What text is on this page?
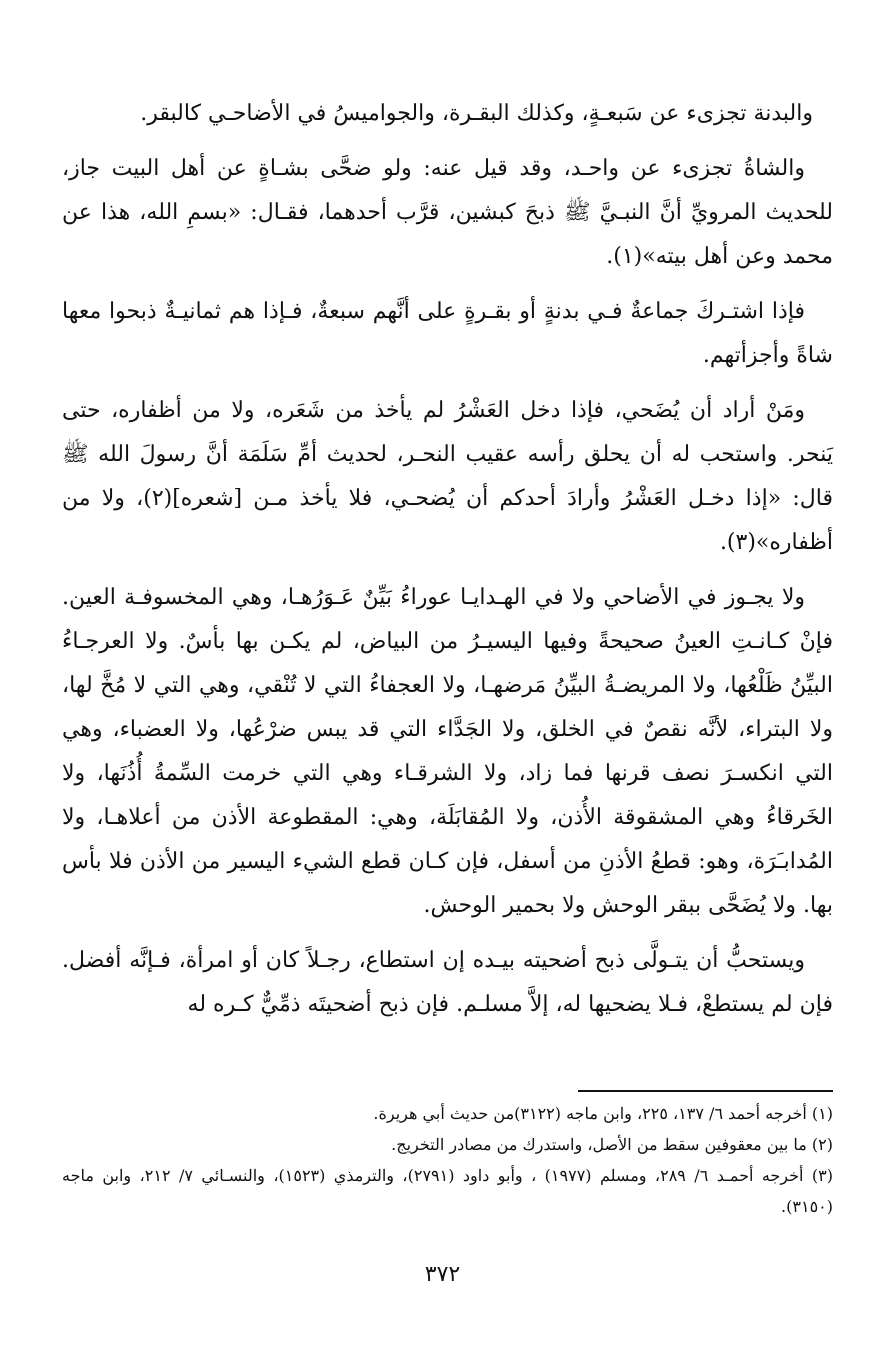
والبدنة تجزىء عن سَبعـةٍ، وكذلك البقـرة، والجواميسُ في الأضاحـي كالبقر.

والشاةُ تجزىء عن واحـد، وقد قيل عنه: ولو ضحَّى بشـاةٍ عن أهل البيت جاز، للحديث المرويِّ أنَّ النبـيَّ ﷺ ذبحَ كبشين، قرَّب أحدهما، فقـال: «بسمِ الله، هذا عن محمد وعن أهل بيته»(١).

فإذا اشتـركَ جماعةٌ فـي بدنةٍ أو بقـرةٍ على أنَّهم سبعةٌ، فـإذا هم ثمانيـةٌ ذبحوا معها شاةً وأجزأتهم.

ومَنْ أراد أن يُضَحي، فإذا دخل العَشْرُ لم يأخذ من شَعَره، ولا من أظفاره، حتى يَنحر. واستحب له أن يحلق رأسه عقيب النحـر، لحديث أمِّ سَلَمَة أنَّ رسولَ الله ﷺ قال: «إذا دخـل العَشْرُ وأرادَ أحدكم أن يُضحـي، فلا يأخذ مـن [شعره](٢)، ولا من أظفاره»(٣).

ولا يجـوز في الأضاحي ولا في الهـدايـا عوراءُ بَيِّنٌ عَـوَرُهـا، وهي المخسوفـة العين. فإنْ كـانـتِ العينُ صحيحةً وفيها اليسيـرُ من البياض، لم يكـن بها بأسٌ. ولا العرجـاءُ البيِّنُ ظَلْعُها، ولا المريضـةُ البيِّنُ مَرضهـا، ولا العجفاءُ التي لا تُنْقي، وهي التي لا مُخَّ لها، ولا البتراء، لأنَّه نقصٌ في الخلق، ولا الجَدَّاء التي قد يبس ضرْعُها، ولا العضباء، وهي التي انكسـرَ نصف قرنها فما زاد، ولا الشرقـاء وهي التي خرمت السِّمةُ أُذُنَها، ولا الخَرقاءُ وهي المشقوقة الأُذن، ولا المُقابَلَة، وهي: المقطوعة الأذن من أعلاهـا، ولا المُدابـَرَة، وهو: قطعُ الأذنِ من أسفل، فإن كـان قطع الشيء اليسير من الأذن فلا بأس بها. ولا يُضَحَّى ببقر الوحش ولا بحمير الوحش.

ويستحبُّ أن يتـولَّى ذبح أضحيته بيـده إن استطاع، رجـلاً كان أو امرأة، فـإنَّه أفضل. فإن لم يستطعْ، فـلا يضحيها له، إلاَّ مسلـم. فإن ذبح أضحيتَه ذمِّيٌّ كـره له

(١) أخرجه أحمد ٦/ ١٣٧، ٢٢٥، وابن ماجه (٣١٢٢)من حديث أبي هريرة.

(٢) ما بين معقوفين سقط من الأصل، واستدرك من مصادر التخريج.

(٣) أخرجه أحمـد ٦/ ٢٨٩، ومسلم (١٩٧٧) ، وأبو داود (٢٧٩١)، والترمذي (١٥٢٣)، والنسـائي ٧/ ٢١٢، وابن ماجه (٣١٥٠).

٣٧٢
